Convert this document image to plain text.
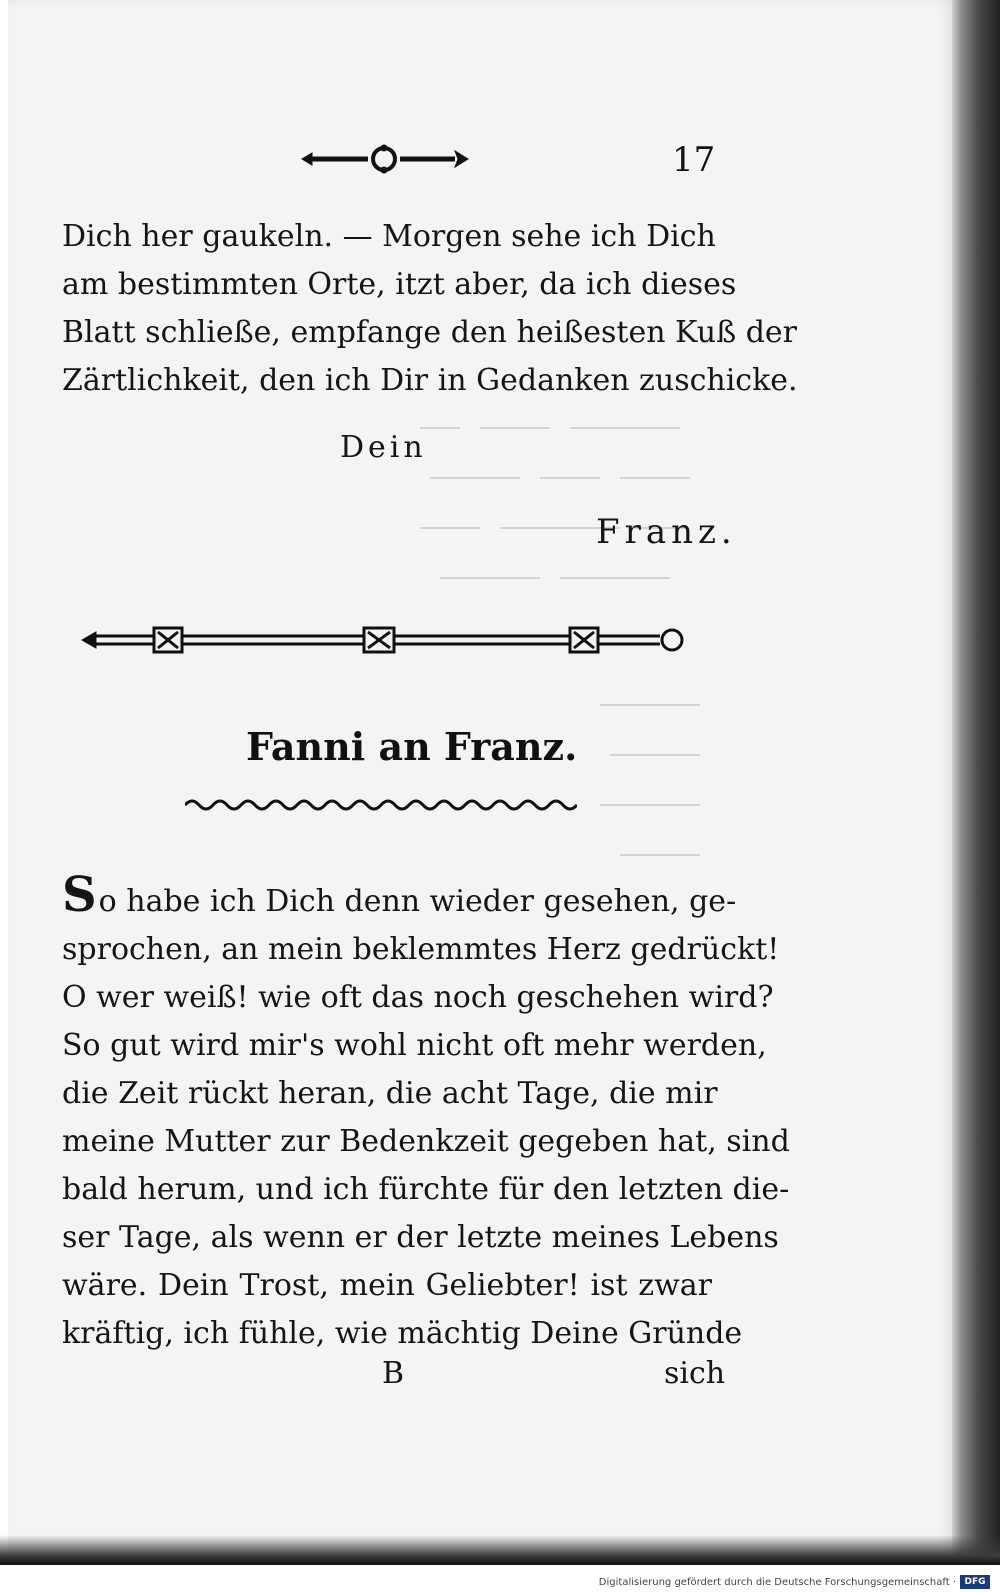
17
Dich her gaukeln. — Morgen sehe ich Dich
am bestimmten Orte, itzt aber, da ich dieses
Blatt schließe, empfange den heißesten Kuß der
Zärtlichkeit, den ich Dir in Gedanken zuschicke.
Dein
Franz.
Fanni an Franz.
So habe ich Dich denn wieder gesehen, ge-
sprochen, an mein beklemmtes Herz gedrückt!
O wer weiß! wie oft das noch geschehen wird?
So gut wird mir's wohl nicht oft mehr werden,
die Zeit rückt heran, die acht Tage, die mir
meine Mutter zur Bedenkzeit gegeben hat, sind
bald herum, und ich fürchte für den letzten die-
ser Tage, als wenn er der letzte meines Lebens
wäre. Dein Trost, mein Geliebter! ist zwar
kräftig, ich fühle, wie mächtig Deine Gründe
B	sich
Digitalisierung gefördert durch die Deutsche Forschungsgemeinschaft · DFG
